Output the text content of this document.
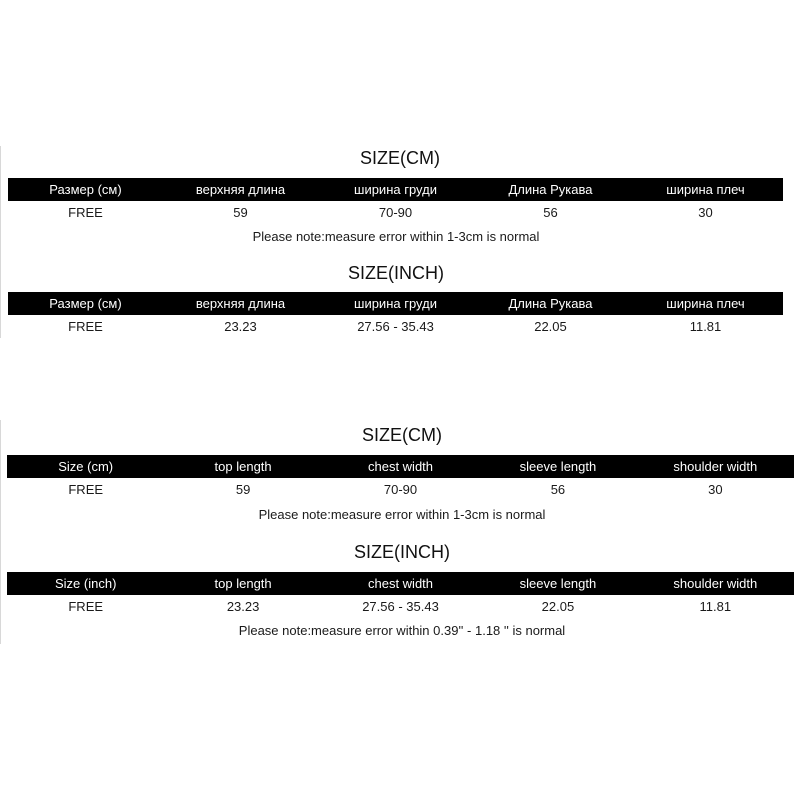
SIZE(CM)
Размер (см)	верхняя длина	ширина груди	Длина Рукава	ширина плеч
FREE	59	70-90	56	30
Please note:measure error within 1-3cm is normal
SIZE(INCH)
Размер (см)	верхняя длина	ширина груди	Длина Рукава	ширина плеч
FREE	23.23	27.56 - 35.43	22.05	11.81
SIZE(CM)
Size (cm)	top length	chest width	sleeve length	shoulder width
FREE	59	70-90	56	30
Please note:measure error within 1-3cm is normal
SIZE(INCH)
Size (inch)	top length	chest width	sleeve length	shoulder width
FREE	23.23	27.56 - 35.43	22.05	11.81
Please note:measure error within 0.39'' - 1.18 '' is normal
